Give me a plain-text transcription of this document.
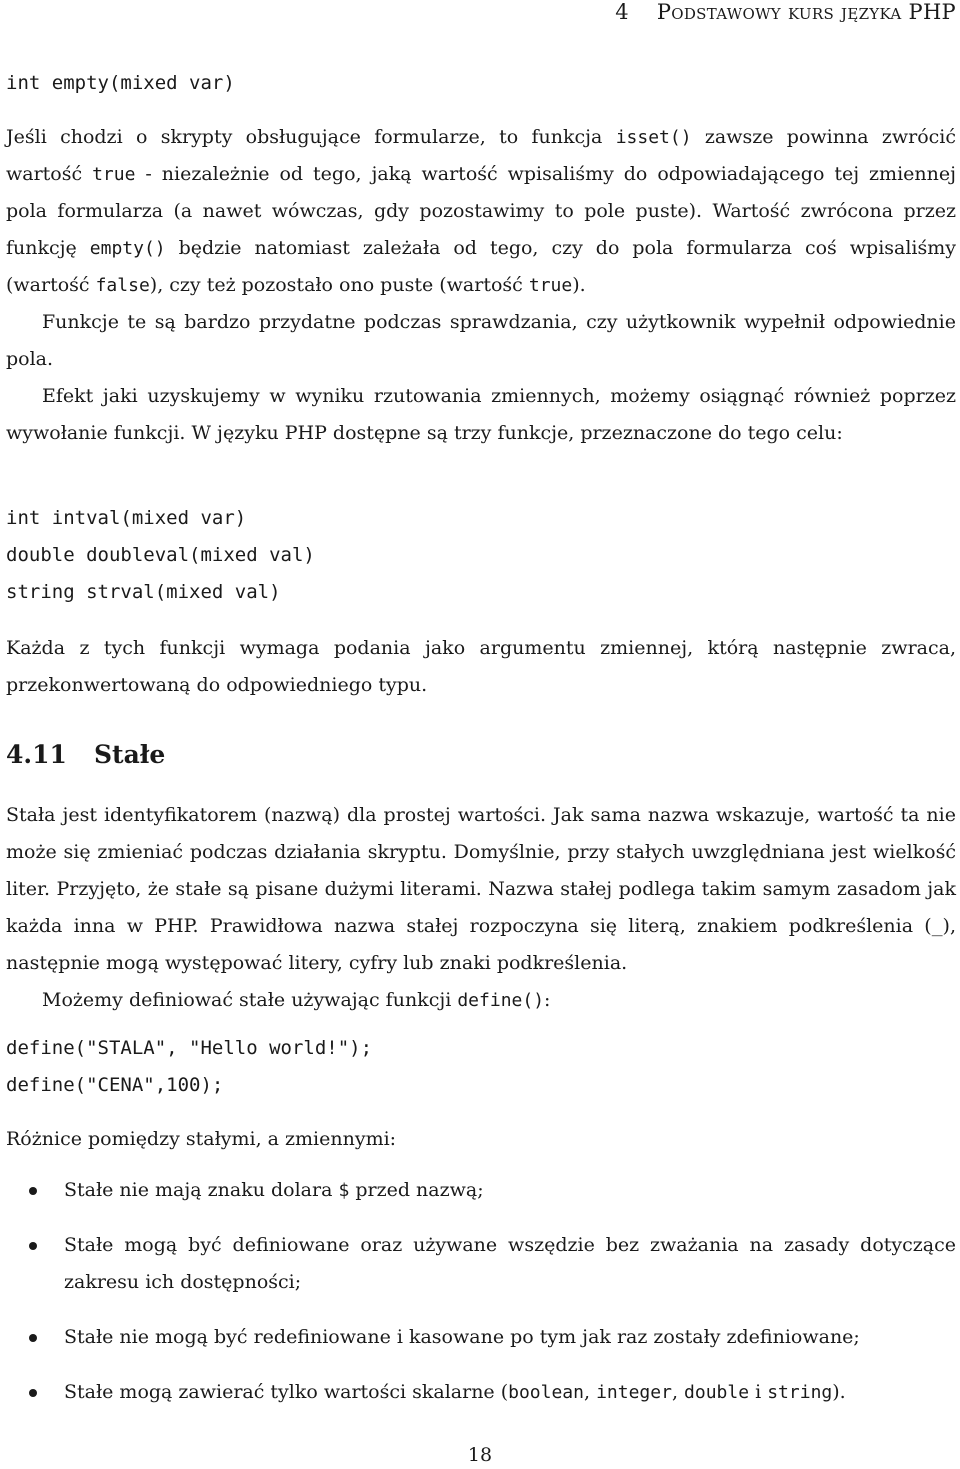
4 Podstawowy kurs języka PHP
int empty(mixed var)
Jeśli chodzi o skrypty obsługujące formularze, to funkcja isset() zawsze powinna zwrócić wartość true - niezależnie od tego, jaką wartość wpisaliśmy do odpowiadającego tej zmiennej pola formularza (a nawet wówczas, gdy pozostawimy to pole puste). Wartość zwrócona przez funkcję empty() będzie natomiast zależała od tego, czy do pola formularza coś wpisaliśmy (wartość false), czy też pozostało ono puste (wartość true).
Funkcje te są bardzo przydatne podczas sprawdzania, czy użytkownik wypełnił odpowiednie pola.
Efekt jaki uzyskujemy w wyniku rzutowania zmiennych, możemy osiągnąć również poprzez wywołanie funkcji. W języku PHP dostępne są trzy funkcje, przeznaczone do tego celu:
int intval(mixed var)
double doubleval(mixed val)
string strval(mixed val)
Każda z tych funkcji wymaga podania jako argumentu zmiennej, którą następnie zwraca, przekonwertowaną do odpowiedniego typu.
4.11 Stałe
Stała jest identyfikatorem (nazwą) dla prostej wartości. Jak sama nazwa wskazuje, wartość ta nie może się zmieniać podczas działania skryptu. Domyślnie, przy stałych uwzględniana jest wielkość liter. Przyjęto, że stałe są pisane dużymi literami. Nazwa stałej podlega takim samym zasadom jak każda inna w PHP. Prawidłowa nazwa stałej rozpoczyna się literą, znakiem podkreślenia (_), następnie mogą występować litery, cyfry lub znaki podkreślenia.
Możemy definiować stałe używając funkcji define():
define("STALA", "Hello world!");
define("CENA",100);
Różnice pomiędzy stałymi, a zmiennymi:
Stałe nie mają znaku dolara $ przed nazwą;
Stałe mogą być definiowane oraz używane wszędzie bez zważania na zasady dotyczące zakresu ich dostępności;
Stałe nie mogą być redefiniowane i kasowane po tym jak raz zostały zdefiniowane;
Stałe mogą zawierać tylko wartości skalarne (boolean, integer, double i string).
18
